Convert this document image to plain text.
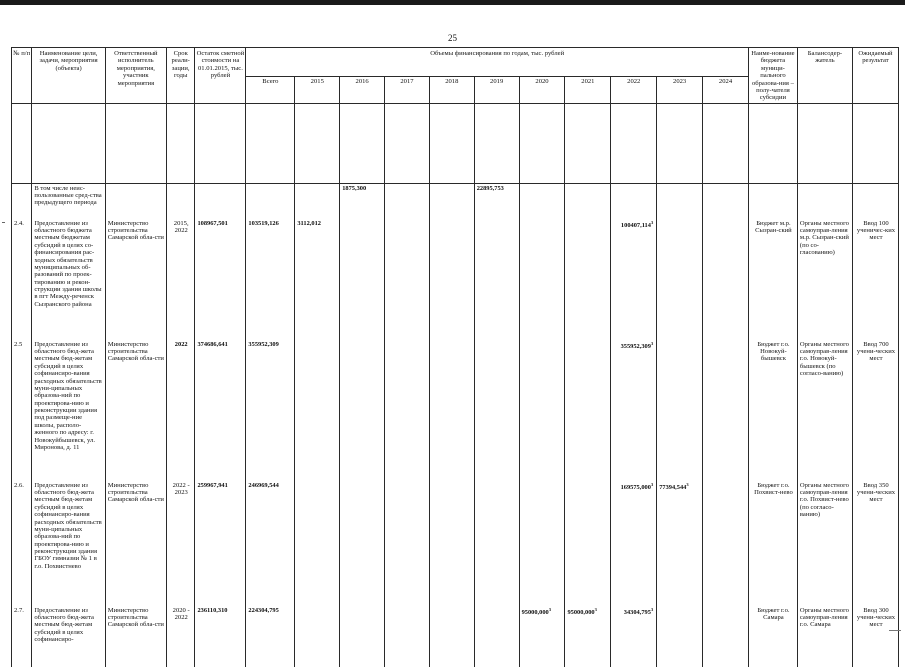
25
№ п/п	Наименование цели, задачи, мероприятия (объекта)	Ответственный исполнитель мероприятия, участник мероприятия	Срок реали-зации, годы	Остаток сметной стоимости на 01.01.2015, тыс. рублей	Объемы финансирования по годам, тыс. рублей											Наиме-нование бюджета муници-пального образова-ния – полу-чателя субсидии	Балансодер-жатель	Ожидаемый результат
					Всего	2015	2016	2017	2018	2019	2020	2021	2022	2023	2024			

	В том числе неис-пользованные сред-ства предыдущего периода						1875,300			22895,753								
2.4.	Предоставление из областного бюджета местным бюджетам субсидий в целях со-финансирования рас-ходных обязательств муниципальных об-разований по проек-тированию и рекон-струкции здания школы в пгт Между-реченск Сызранского района	Министерство строительства Самарской обла-сти	2015, 2022	108967,501	103519,126	3112,012							100407,114$^3$			Бюджет м.р. Сызран-ский	Органы местного самоуправ-ления м.р. Сызран-ский (по со-гласованию)	Ввод 100 ученичес-ких мест
2.5	Предоставление из областного бюд-жета местным бюд-жетам субсидий в целях софинансиро-вания расходных обязательств муни-ципальных образова-ний по проектирова-нию и реконструкции здания под размеще-ние школы, располо-женного по адресу: г. Новокуйбышевск, ул. Миронова, д. 11	Министерство строительства Самарской обла-сти	2022	374686,641	355952,309								355952,309$^3$			Бюджет г.о. Новокуй-бышевск	Органы местного самоуправ-ления г.о. Новокуй-бышевск (по согласо-ванию)	Ввод 700 учени-ческих мест
2.6.	Предоставление из областного бюд-жета местным бюд-жетам субсидий в целях софинансиро-вания расходных обязательств муни-ципальных образова-ний по проектирова-нию и реконструкции здания ГБОУ гимназии № 1 в г.о. Похвистнево	Министерство строительства Самарской обла-сти	2022 - 2023	259967,941	246969,544								169575,000$^3$	77394,544$^3$		Бюджет г.о. Похвист-нево	Органы местного самоуправ-ления г.о. Похвист-нево (по согласо-ванию)	Ввод 350 учени-ческих мест
2.7.	Предоставление из областного бюд-жета местным бюд-жетам субсидий в целях софинансиро-	Министерство строительства Самарской обла-сти	2020 - 2022	236110,310	224304,795						95000,000$^3$	95000,000$^3$	34304,795$^3$			Бюджет г.о. Самара	Органы местного самоуправ-ления г.о. Самара	Ввод 300 учени-ческих мест
